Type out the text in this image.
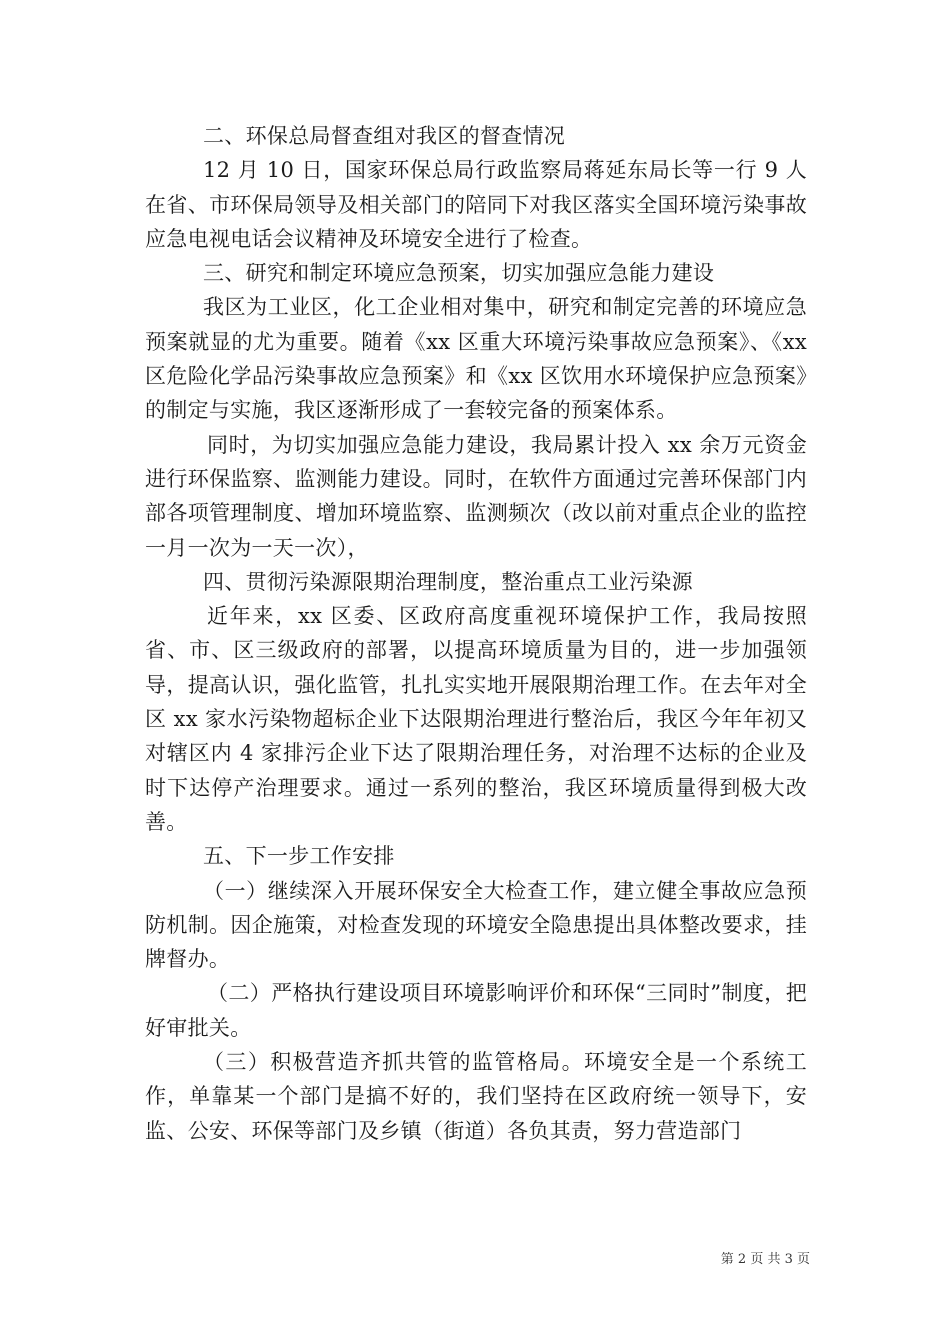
二、环保总局督查组对我区的督查情况

12 月 10 日，国家环保总局行政监察局蒋延东局长等一行 9 人在省、市环保局领导及相关部门的陪同下对我区落实全国环境污染事故应急电视电话会议精神及环境安全进行了检查。

三、研究和制定环境应急预案，切实加强应急能力建设

我区为工业区，化工企业相对集中，研究和制定完善的环境应急预案就显的尤为重要。随着《xx 区重大环境污染事故应急预案》、《xx 区危险化学品污染事故应急预案》和《xx 区饮用水环境保护应急预案》的制定与实施，我区逐渐形成了一套较完备的预案体系。

同时，为切实加强应急能力建设，我局累计投入 xx 余万元资金进行环保监察、监测能力建设。同时，在软件方面通过完善环保部门内部各项管理制度、增加环境监察、监测频次（改以前对重点企业的监控一月一次为一天一次），

四、贯彻污染源限期治理制度，整治重点工业污染源

近年来，xx 区委、区政府高度重视环境保护工作，我局按照省、市、区三级政府的部署，以提高环境质量为目的，进一步加强领导，提高认识，强化监管，扎扎实实地开展限期治理工作。在去年对全区 xx 家水污染物超标企业下达限期治理进行整治后，我区今年年初又对辖区内 4 家排污企业下达了限期治理任务，对治理不达标的企业及时下达停产治理要求。通过一系列的整治，我区环境质量得到极大改善。

五、下一步工作安排

（一）继续深入开展环保安全大检查工作，建立健全事故应急预防机制。因企施策，对检查发现的环境安全隐患提出具体整改要求，挂牌督办。

（二）严格执行建设项目环境影响评价和环保“三同时”制度，把好审批关。

（三）积极营造齐抓共管的监管格局。环境安全是一个系统工作，单靠某一个部门是搞不好的，我们坚持在区政府统一领导下，安监、公安、环保等部门及乡镇（街道）各负其责，努力营造部门

第 2 页 共 3 页
